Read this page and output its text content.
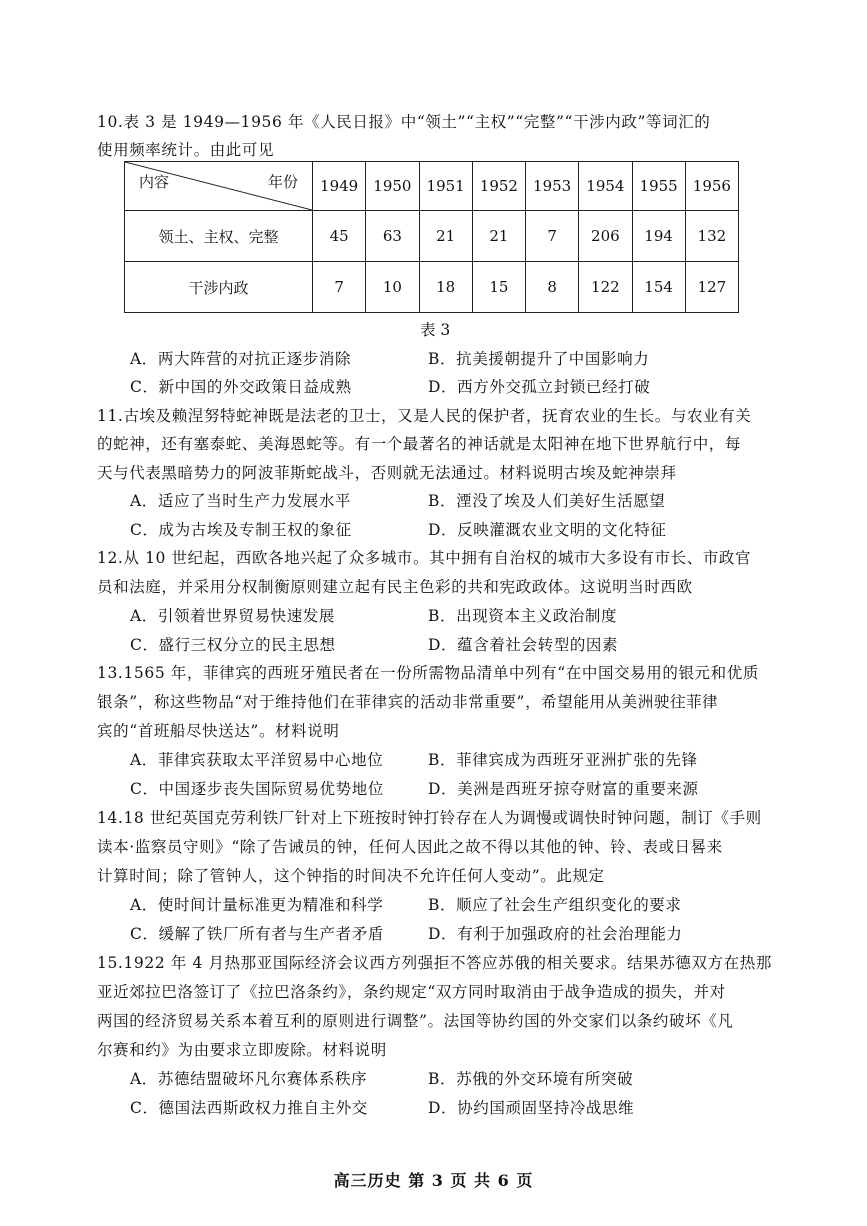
10.表 3 是 1949—1956 年《人民日报》中“领土”“主权”“完整”“干涉内政”等词汇的
使用频率统计。由此可见
内容 年份	1949	1950	1951	1952	1953	1954	1955	1956
领土、主权、完整	45	63	21	21	7	206	194	132
干涉内政	7	10	18	15	8	122	154	127
表 3
A．两大阵营的对抗正逐步消除	B．抗美援朝提升了中国影响力
C．新中国的外交政策日益成熟	D．西方外交孤立封锁已经打破
11.古埃及赖涅努特蛇神既是法老的卫士，又是人民的保护者，抚育农业的生长。与农业有关
的蛇神，还有塞泰蛇、美海恩蛇等。有一个最著名的神话就是太阳神在地下世界航行中，每
天与代表黑暗势力的阿波菲斯蛇战斗，否则就无法通过。材料说明古埃及蛇神崇拜
A．适应了当时生产力发展水平	B．湮没了埃及人们美好生活愿望
C．成为古埃及专制王权的象征	D．反映灌溉农业文明的文化特征
12.从 10 世纪起，西欧各地兴起了众多城市。其中拥有自治权的城市大多设有市长、市政官
员和法庭，并采用分权制衡原则建立起有民主色彩的共和宪政政体。这说明当时西欧
A．引领着世界贸易快速发展	B．出现资本主义政治制度
C．盛行三权分立的民主思想	D．蕴含着社会转型的因素
13.1565 年，菲律宾的西班牙殖民者在一份所需物品清单中列有“在中国交易用的银元和优质
银条”，称这些物品“对于维持他们在菲律宾的活动非常重要”，希望能用从美洲驶往菲律
宾的“首班船尽快送达”。材料说明
A．菲律宾获取太平洋贸易中心地位	B．菲律宾成为西班牙亚洲扩张的先锋
C．中国逐步丧失国际贸易优势地位	D．美洲是西班牙掠夺财富的重要来源
14.18 世纪英国克劳利铁厂针对上下班按时钟打铃存在人为调慢或调快时钟问题，制订《手则
读本·监察员守则》“除了告诫员的钟，任何人因此之故不得以其他的钟、铃、表或日晷来
计算时间；除了管钟人，这个钟指的时间决不允许任何人变动”。此规定
A．使时间计量标准更为精准和科学	B．顺应了社会生产组织变化的要求
C．缓解了铁厂所有者与生产者矛盾	D．有利于加强政府的社会治理能力
15.1922 年 4 月热那亚国际经济会议西方列强拒不答应苏俄的相关要求。结果苏德双方在热那
亚近郊拉巴洛签订了《拉巴洛条约》，条约规定“双方同时取消由于战争造成的损失，并对
两国的经济贸易关系本着互利的原则进行调整”。法国等协约国的外交家们以条约破坏《凡
尔赛和约》为由要求立即废除。材料说明
A．苏德结盟破坏凡尔赛体系秩序	B．苏俄的外交环境有所突破
C．德国法西斯政权力推自主外交	D．协约国顽固坚持冷战思维
高三历史 第 3 页 共 6 页
